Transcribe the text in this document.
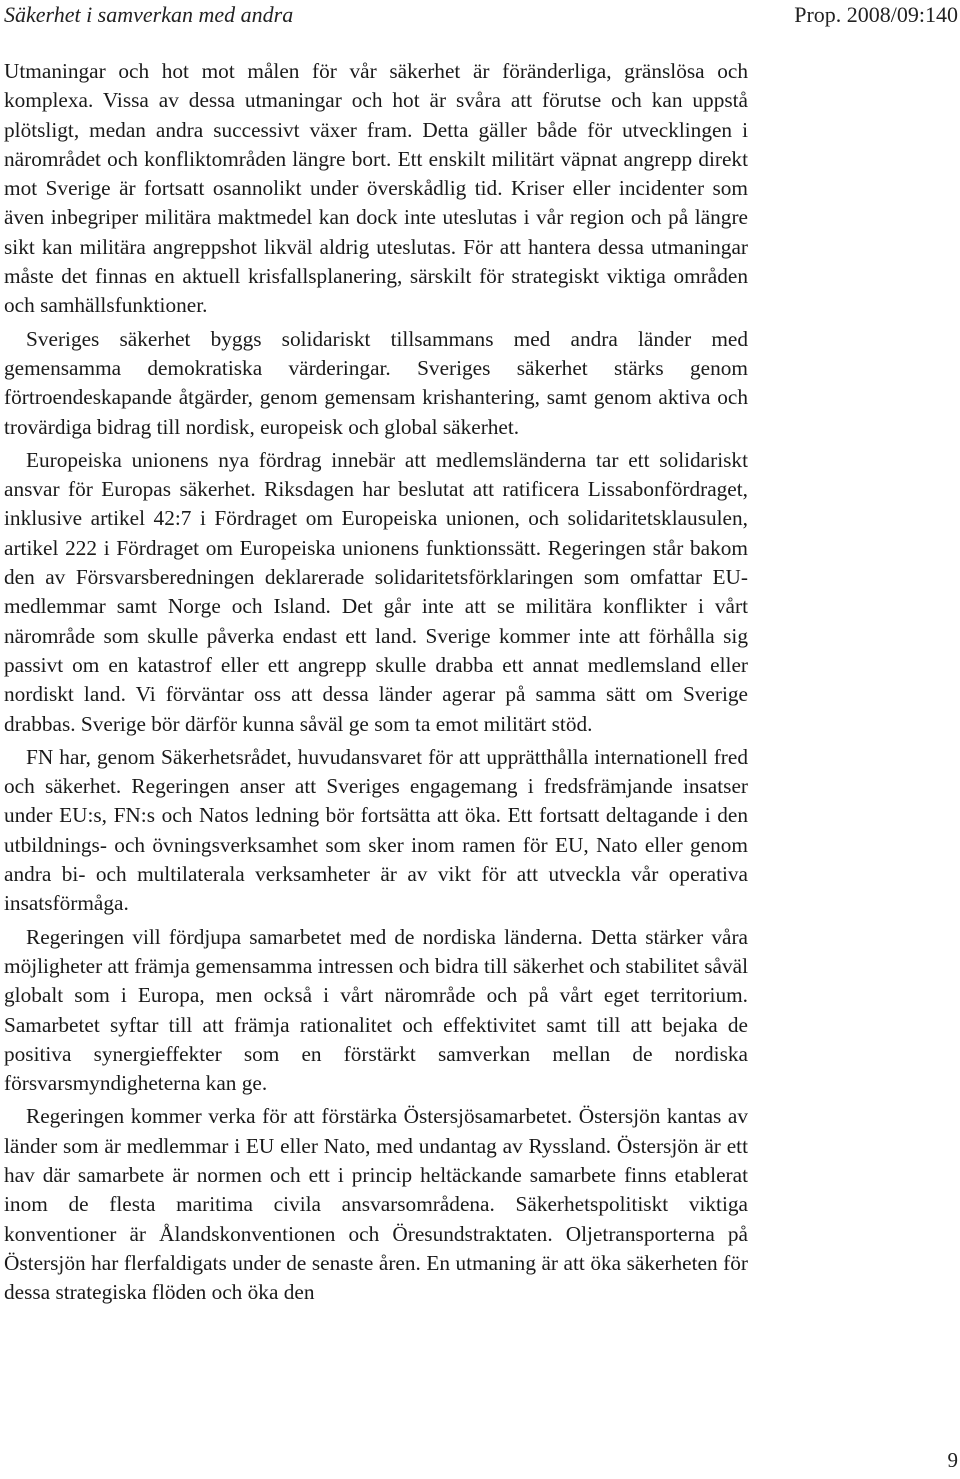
Säkerhet i samverkan med andra	Prop. 2008/09:140

Utmaningar och hot mot målen för vår säkerhet är föränderliga, gränslösa och komplexa. Vissa av dessa utmaningar och hot är svåra att förutse och kan uppstå plötsligt, medan andra successivt växer fram. Detta gäller både för utvecklingen i närområdet och konfliktområden längre bort. Ett enskilt militärt väpnat angrepp direkt mot Sverige är fortsatt osannolikt under överskådlig tid. Kriser eller incidenter som även inbegriper militära maktmedel kan dock inte uteslutas i vår region och på längre sikt kan militära angreppshot likväl aldrig uteslutas. För att hantera dessa utmaningar måste det finnas en aktuell krisfallsplanering, särskilt för strategiskt viktiga områden och samhällsfunktioner.

Sveriges säkerhet byggs solidariskt tillsammans med andra länder med gemensamma demokratiska värderingar. Sveriges säkerhet stärks genom förtroendeskapande åtgärder, genom gemensam krishantering, samt genom aktiva och trovärdiga bidrag till nordisk, europeisk och global säkerhet.

Europeiska unionens nya fördrag innebär att medlemsländerna tar ett solidariskt ansvar för Europas säkerhet. Riksdagen har beslutat att ratificera Lissabonfördraget, inklusive artikel 42:7 i Fördraget om Europeiska unionen, och solidaritetsklausulen, artikel 222 i Fördraget om Europeiska unionens funktionssätt. Regeringen står bakom den av Försvarsberedningen deklarerade solidaritetsförklaringen som omfattar EU-medlemmar samt Norge och Island. Det går inte att se militära konflikter i vårt närområde som skulle påverka endast ett land. Sverige kommer inte att förhålla sig passivt om en katastrof eller ett angrepp skulle drabba ett annat medlemsland eller nordiskt land. Vi förväntar oss att dessa länder agerar på samma sätt om Sverige drabbas. Sverige bör därför kunna såväl ge som ta emot militärt stöd.

FN har, genom Säkerhetsrådet, huvudansvaret för att upprätthålla internationell fred och säkerhet. Regeringen anser att Sveriges engagemang i fredsfrämjande insatser under EU:s, FN:s och Natos ledning bör fortsätta att öka. Ett fortsatt deltagande i den utbildnings- och övningsverksamhet som sker inom ramen för EU, Nato eller genom andra bi- och multilaterala verksamheter är av vikt för att utveckla vår operativa insatsförmåga.

Regeringen vill fördjupa samarbetet med de nordiska länderna. Detta stärker våra möjligheter att främja gemensamma intressen och bidra till säkerhet och stabilitet såväl globalt som i Europa, men också i vårt närområde och på vårt eget territorium. Samarbetet syftar till att främja rationalitet och effektivitet samt till att bejaka de positiva synergieffekter som en förstärkt samverkan mellan de nordiska försvarsmyndigheterna kan ge.

Regeringen kommer verka för att förstärka Östersjösamarbetet. Östersjön kantas av länder som är medlemmar i EU eller Nato, med undantag av Ryssland. Östersjön är ett hav där samarbete är normen och ett i princip heltäckande samarbete finns etablerat inom de flesta maritima civila ansvarsområdena. Säkerhetspolitiskt viktiga konventioner är Ålandskonventionen och Öresundstraktaten. Oljetransporterna på Östersjön har flerfaldigats under de senaste åren. En utmaning är att öka säkerheten för dessa strategiska flöden och öka den

9
